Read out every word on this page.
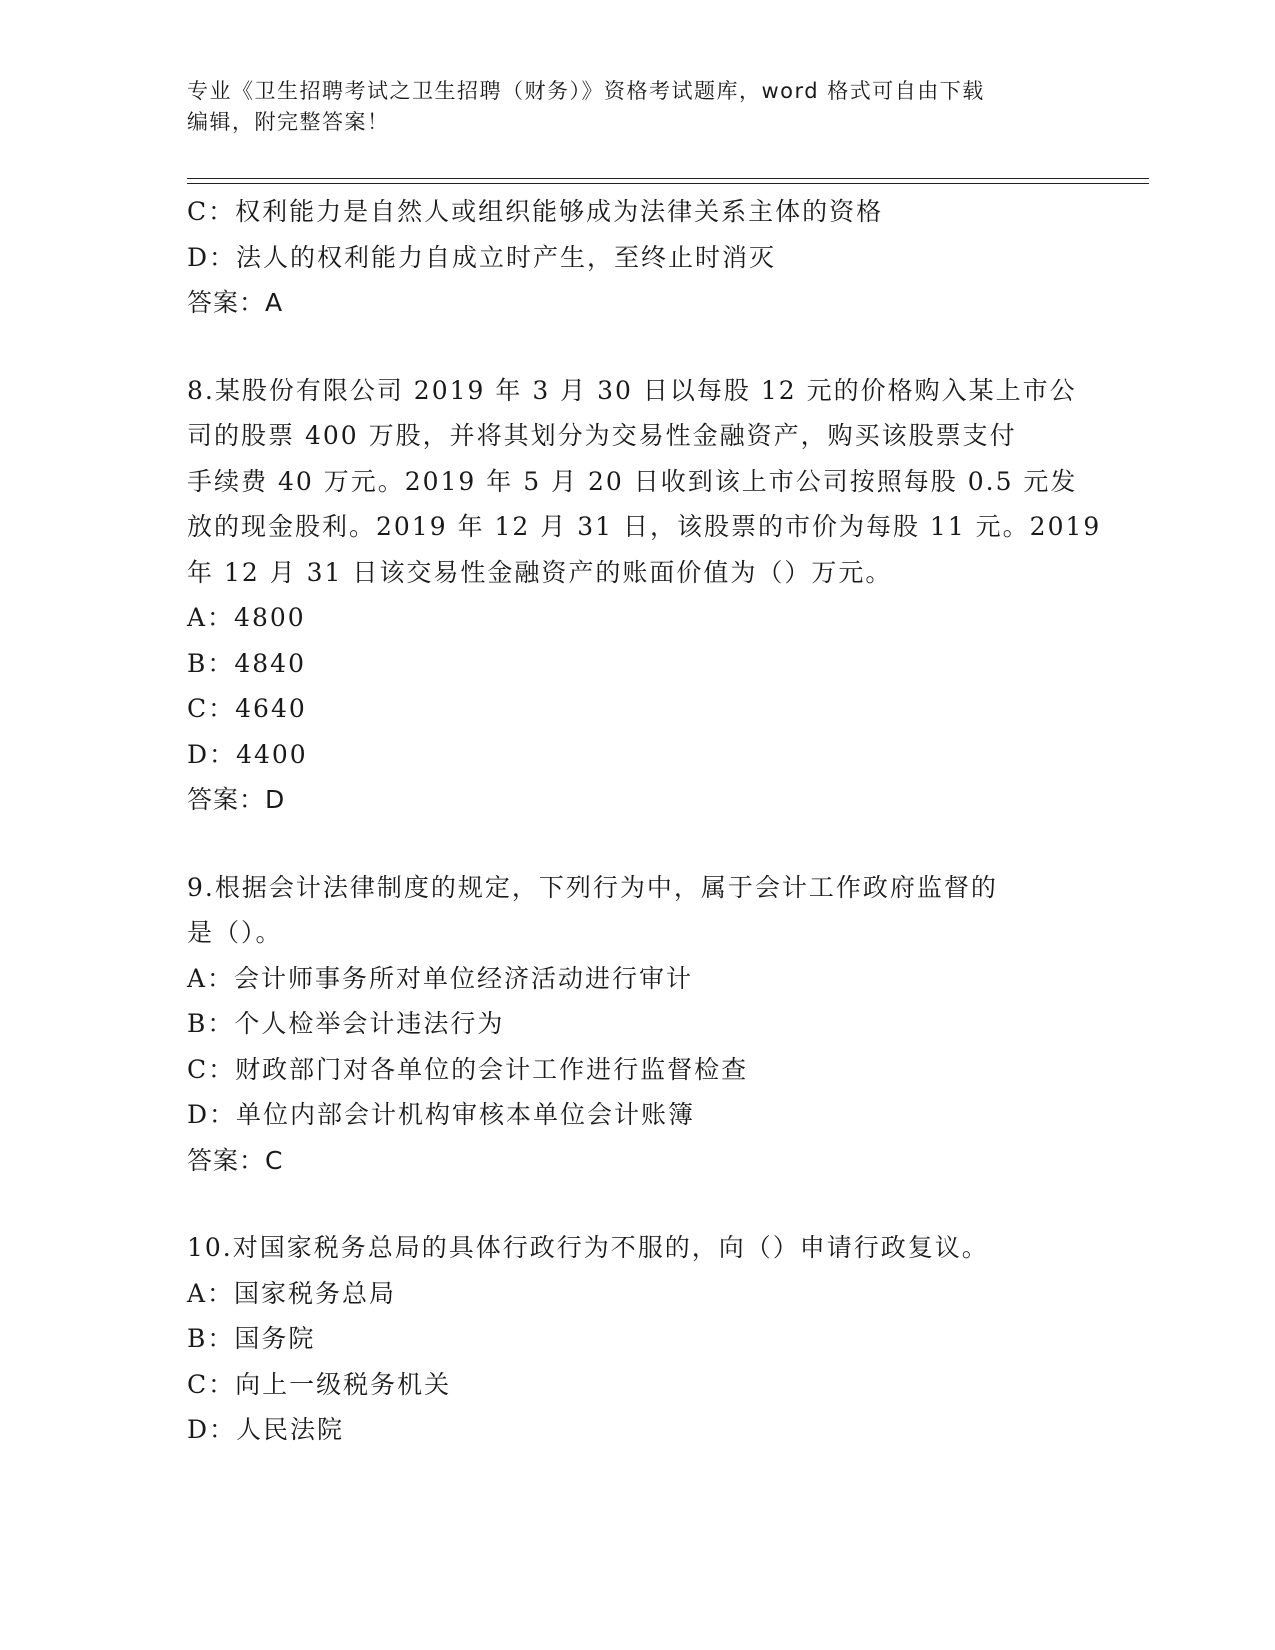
专业《卫生招聘考试之卫生招聘（财务）》资格考试题库，word 格式可自由下载
编辑，附完整答案！
C：权利能力是自然人或组织能够成为法律关系主体的资格
D：法人的权利能力自成立时产生，至终止时消灭
答案：A
8.某股份有限公司 2019 年 3 月 30 日以每股 12 元的价格购入某上市公
司的股票 400 万股，并将其划分为交易性金融资产，购买该股票支付
手续费 40 万元。2019 年 5 月 20 日收到该上市公司按照每股 0.5 元发
放的现金股利。2019 年 12 月 31 日，该股票的市价为每股 11 元。2019
年 12 月 31 日该交易性金融资产的账面价值为（）万元。
A：4800
B：4840
C：4640
D：4400
答案：D
9.根据会计法律制度的规定，下列行为中，属于会计工作政府监督的
是（）。
A：会计师事务所对单位经济活动进行审计
B：个人检举会计违法行为
C：财政部门对各单位的会计工作进行监督检查
D：单位内部会计机构审核本单位会计账簿
答案：C
10.对国家税务总局的具体行政行为不服的，向（）申请行政复议。
A：国家税务总局
B：国务院
C：向上一级税务机关
D：人民法院
